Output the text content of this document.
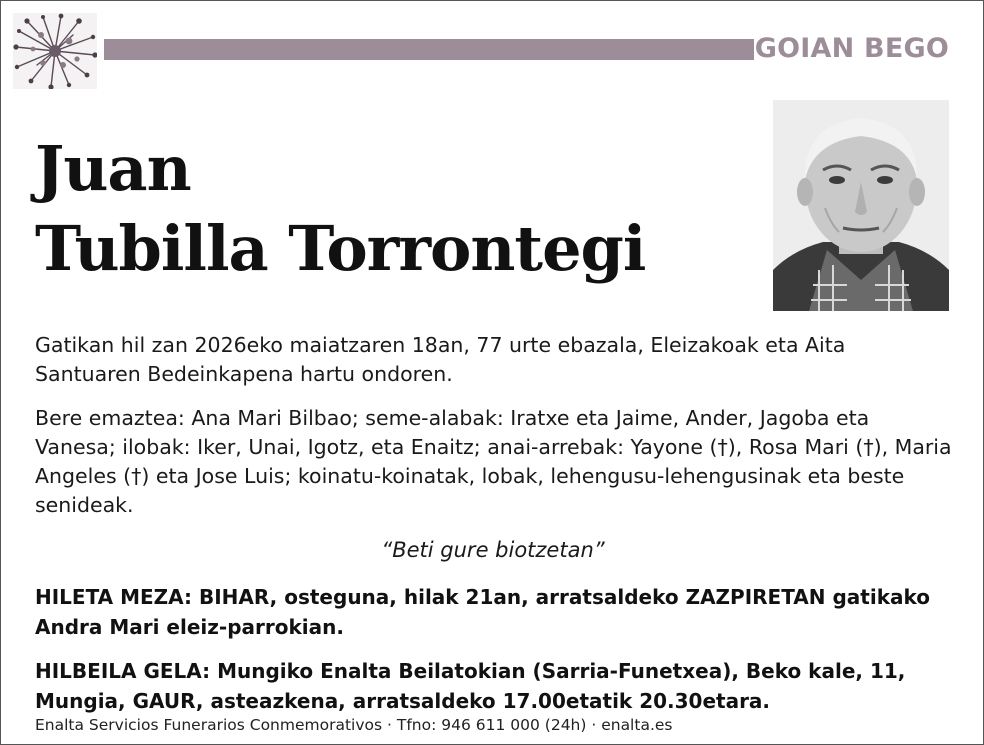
GOIAN BEGO
Juan
Tubilla Torrontegi
Gatikan hil zan 2026eko maiatzaren 18an, 77 urte ebazala, Eleizakoak eta Aita Santuaren Bedeinkapena hartu ondoren.
Bere emaztea: Ana Mari Bilbao; seme-alabak: Iratxe eta Jaime, Ander, Jagoba eta Vanesa; ilobak: Iker, Unai, Igotz, eta Enaitz; anai-arrebak: Yayone (†), Rosa Mari (†), Maria Angeles (†) eta Jose Luis; koinatu-koinatak, lobak, lehengusu-lehengusinak eta beste senideak.
“Beti gure biotzetan”
HILETA MEZA: BIHAR, osteguna, hilak 21an, arratsaldeko ZAZPIRETAN gatikako Andra Mari eleiz-parrokian.
HILBEILA GELA: Mungiko Enalta Beilatokian (Sarria-Funetxea), Beko kale, 11, Mungia, GAUR, asteazkena, arratsaldeko 17.00etatik 20.30etara.
Enalta Servicios Funerarios Conmemorativos · Tfno: 946 611 000 (24h) · enalta.es
